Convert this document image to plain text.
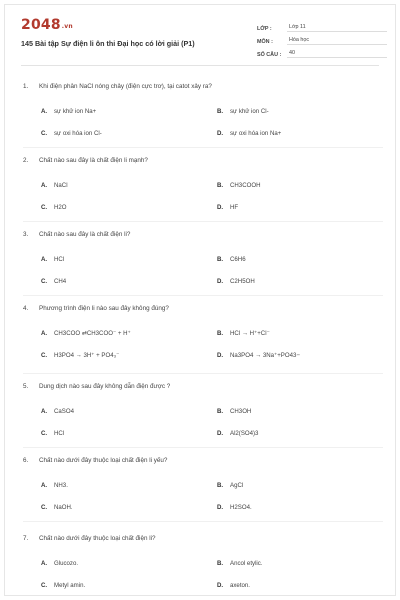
2048.vn
145 Bài tập Sự điện li ôn thi Đại học có lời giải (P1)
LỚP :	Lớp 11
MÔN :	Hóa học
SỐ CÂU :	40
1. Khi điện phân NaCl nóng chảy (điện cực trơ), tại catot xảy ra?
A. sự khử ion Na+	B. sự khử ion Cl-
C. sự oxi hóa ion Cl-	D. sự oxi hóa ion Na+
2. Chất nào sau đây là chất điện li mạnh?
A. NaCl	B. CH3COOH
C. H2O	D. HF
3. Chất nào sau đây là chất điện li?
A. HCl	B. C6H6
C. CH4	D. C2H5OH
4. Phương trình điện li nào sau đây không đúng?
A. CH3COO ⇄CH3COO⁻ + H⁺	B. HCl → H⁺+Cl⁻
C. H3PO4 → 3H⁺ + PO4₃⁻	D. Na3PO4 → 3Na⁺+PO43−
5. Dung dịch nào sau đây không dẫn điện được ?
A. CaSO4	B. CH3OH
C. HCl	D. Al2(SO4)3
6. Chất nào dưới đây thuộc loại chất điện li yếu?
A. NH3.	B. AgCl
C. NaOH.	D. H2SO4.
7. Chất nào dưới đây thuộc loại chất điện li?
A. Glucozo.	B. Ancol etylic.
C. Metyl amin.	D. axeton.
